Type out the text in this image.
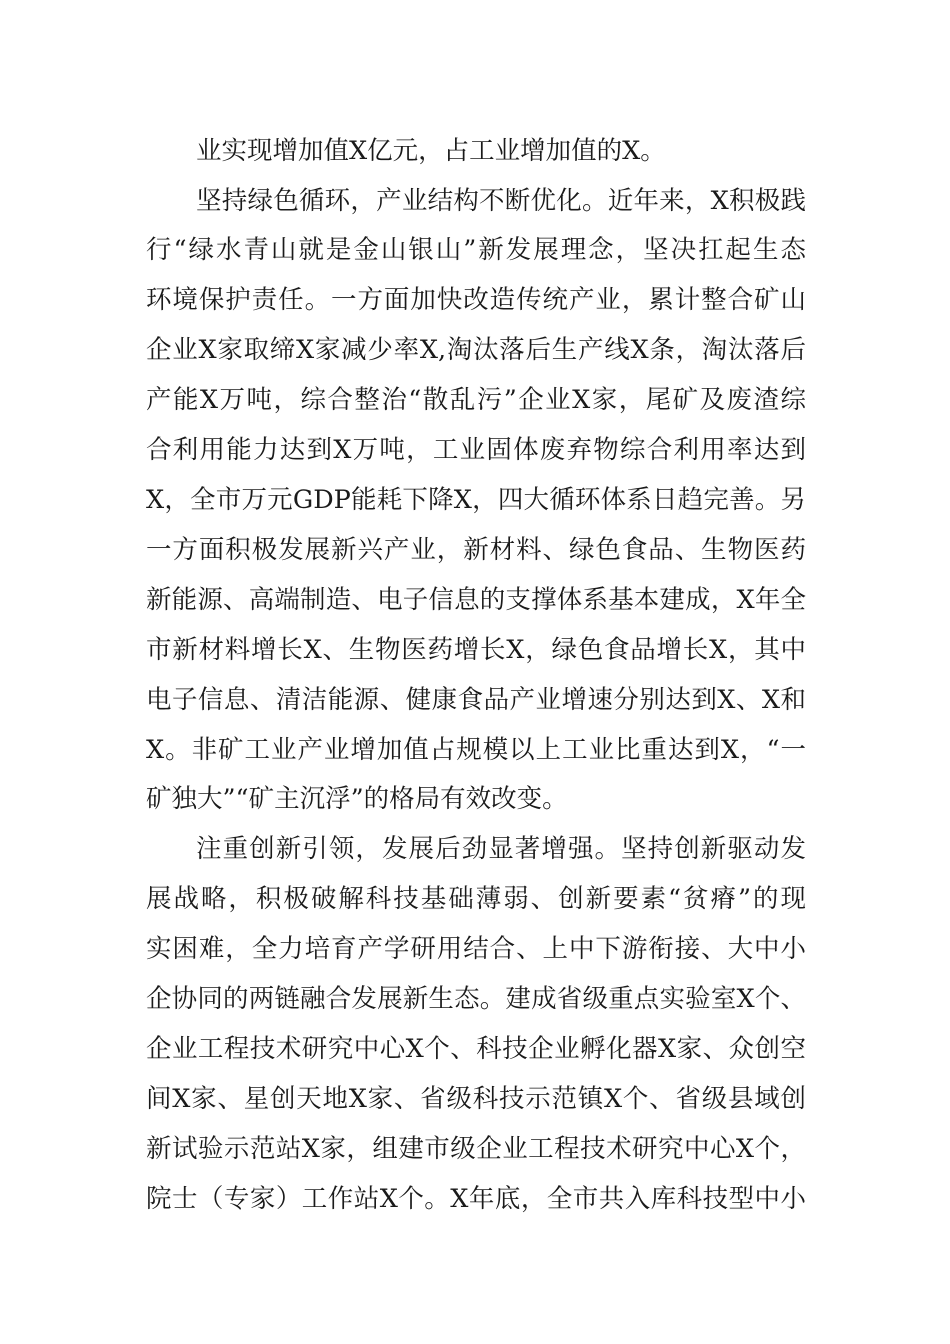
业实现增加值X亿元，占工业增加值的X。
坚持绿色循环，产业结构不断优化。近年来，X积极践
行“绿水青山就是金山银山”新发展理念，坚决扛起生态
环境保护责任。一方面加快改造传统产业，累计整合矿山
企业X家取缔X家减少率X,淘汰落后生产线X条，淘汰落后
产能X万吨，综合整治“散乱污”企业X家，尾矿及废渣综
合利用能力达到X万吨，工业固体废弃物综合利用率达到
X，全市万元GDP能耗下降X，四大循环体系日趋完善。另
一方面积极发展新兴产业，新材料、绿色食品、生物医药
新能源、高端制造、电子信息的支撑体系基本建成，X年全
市新材料增长X、生物医药增长X，绿色食品增长X，其中
电子信息、清洁能源、健康食品产业增速分别达到X、X和
X。非矿工业产业增加值占规模以上工业比重达到X，“一
矿独大”“矿主沉浮”的格局有效改变。
注重创新引领，发展后劲显著增强。坚持创新驱动发
展战略，积极破解科技基础薄弱、创新要素“贫瘠”的现
实困难，全力培育产学研用结合、上中下游衔接、大中小
企协同的两链融合发展新生态。建成省级重点实验室X个、
企业工程技术研究中心X个、科技企业孵化器X家、众创空
间X家、星创天地X家、省级科技示范镇X个、省级县域创
新试验示范站X家，组建市级企业工程技术研究中心X个，
院士（专家）工作站X个。X年底，全市共入库科技型中小
